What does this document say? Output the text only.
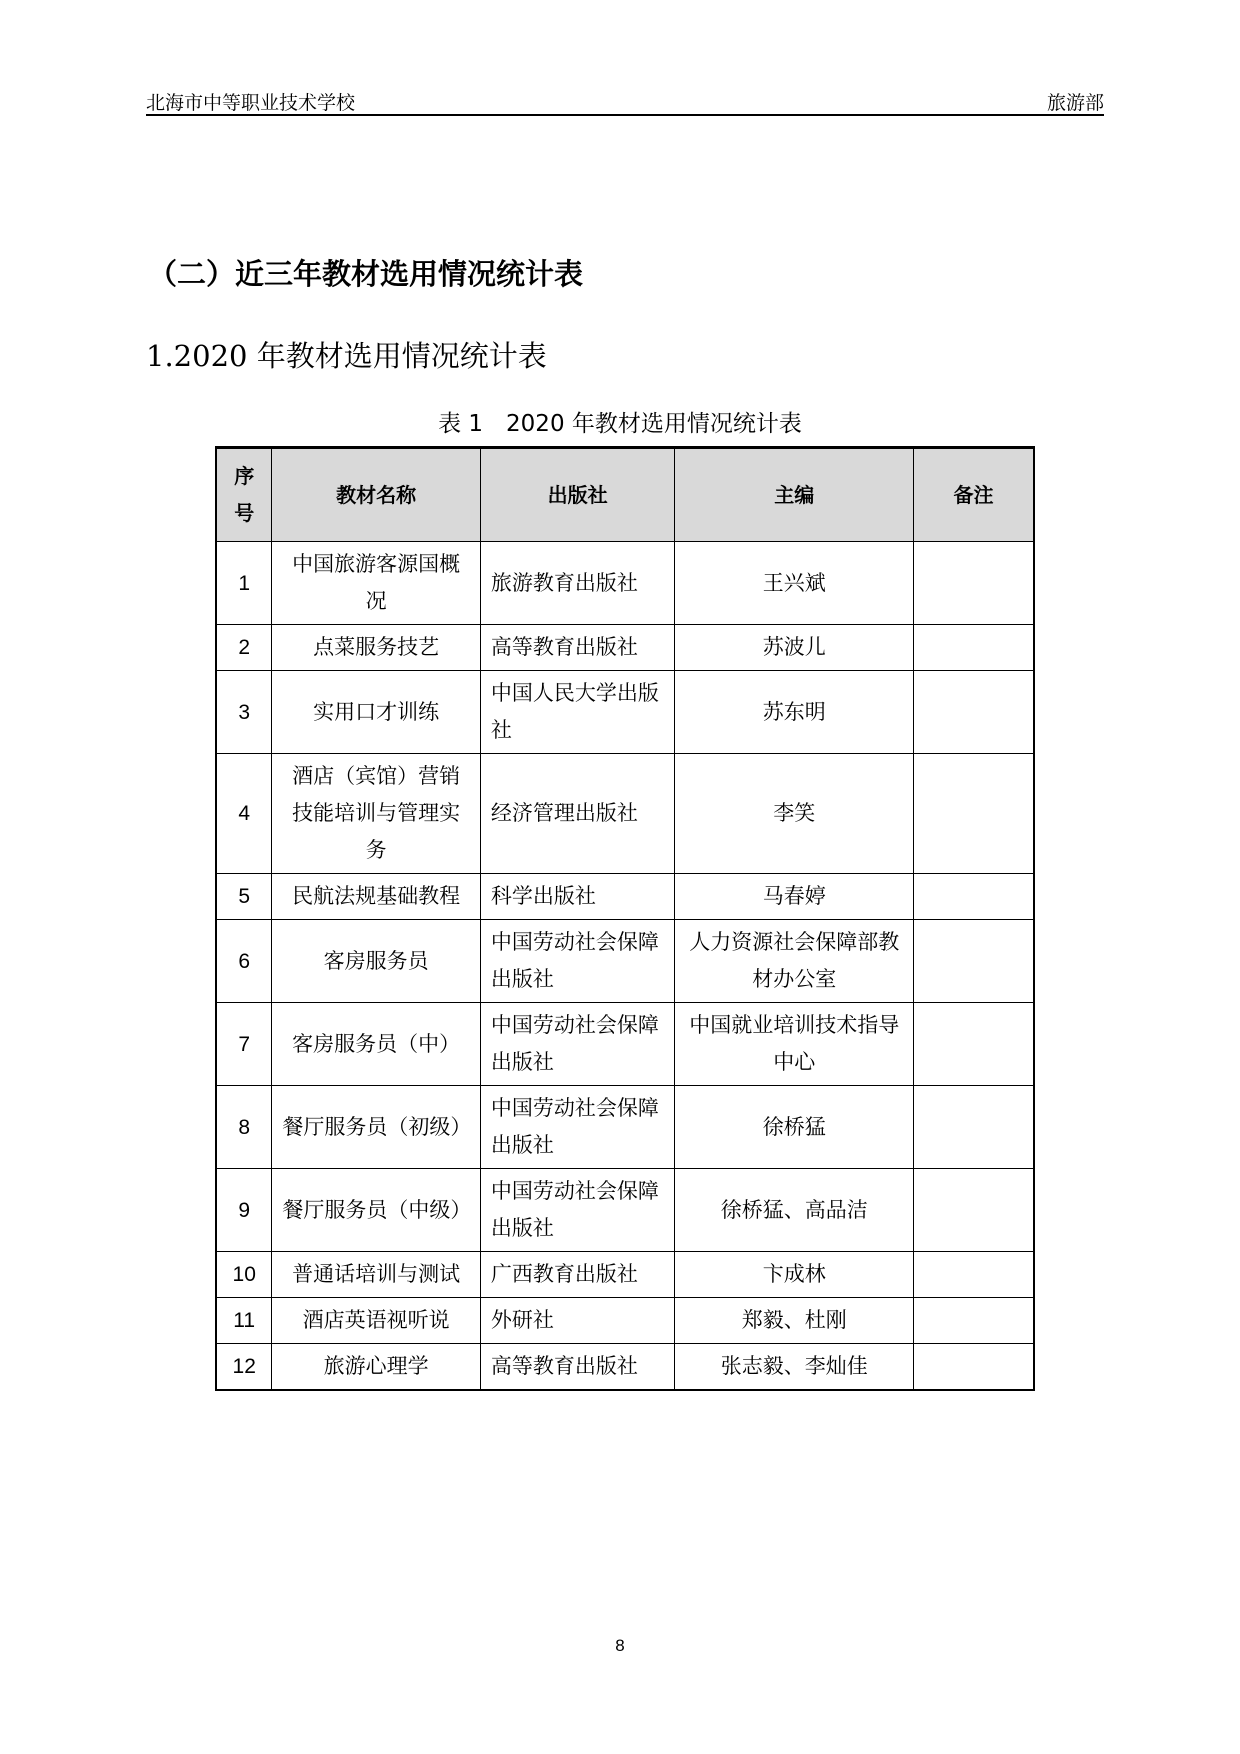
北海市中等职业技术学校	旅游部
（二）近三年教材选用情况统计表
1.2020 年教材选用情况统计表
表 1　2020 年教材选用情况统计表
序号	教材名称	出版社	主编	备注
1	中国旅游客源国概况	旅游教育出版社	王兴斌	
2	点菜服务技艺	高等教育出版社	苏波儿	
3	实用口才训练	中国人民大学出版社	苏东明	
4	酒店（宾馆）营销技能培训与管理实务	经济管理出版社	李笑	
5	民航法规基础教程	科学出版社	马春婷	
6	客房服务员	中国劳动社会保障出版社	人力资源社会保障部教材办公室	
7	客房服务员（中）	中国劳动社会保障出版社	中国就业培训技术指导中心	
8	餐厅服务员（初级）	中国劳动社会保障出版社	徐桥猛	
9	餐厅服务员（中级）	中国劳动社会保障出版社	徐桥猛、高品洁	
10	普通话培训与测试	广西教育出版社	卞成林	
11	酒店英语视听说	外研社	郑毅、杜刚	
12	旅游心理学	高等教育出版社	张志毅、李灿佳	
8
